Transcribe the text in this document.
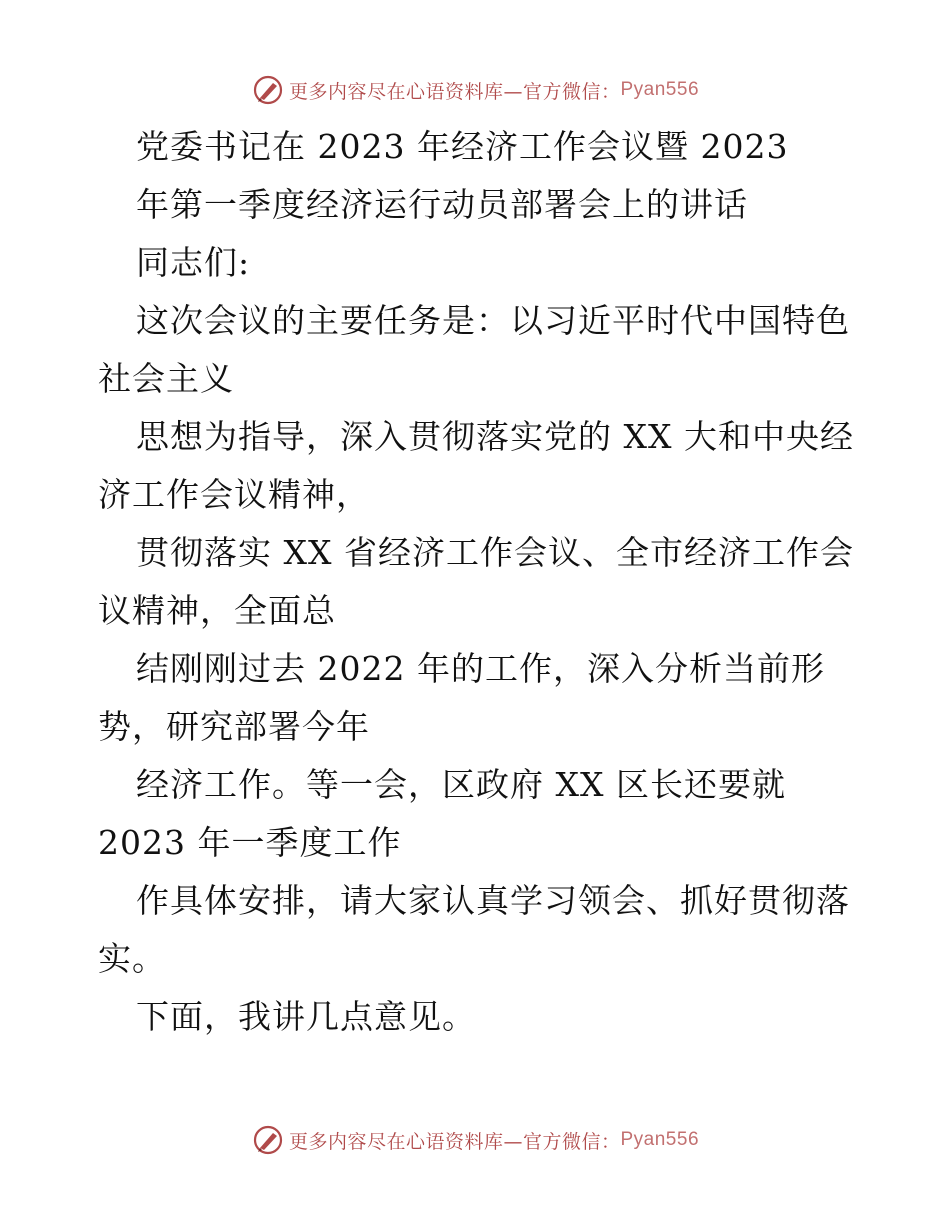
更多内容尽在心语资料库—官方微信： Pyan556
党委书记在 2023 年经济工作会议暨 2023
年第一季度经济运行动员部署会上的讲话
同志们:
这次会议的主要任务是：以习近平时代中国特色
社会主义
思想为指导，深入贯彻落实党的 XX 大和中央经
济工作会议精神，
贯彻落实 XX 省经济工作会议、全市经济工作会
议精神，全面总
结刚刚过去 2022 年的工作，深入分析当前形
势，研究部署今年
经济工作。等一会，区政府 XX 区长还要就
2023 年一季度工作
作具体安排，请大家认真学习领会、抓好贯彻落
实。
下面，我讲几点意见。
更多内容尽在心语资料库—官方微信： Pyan556
